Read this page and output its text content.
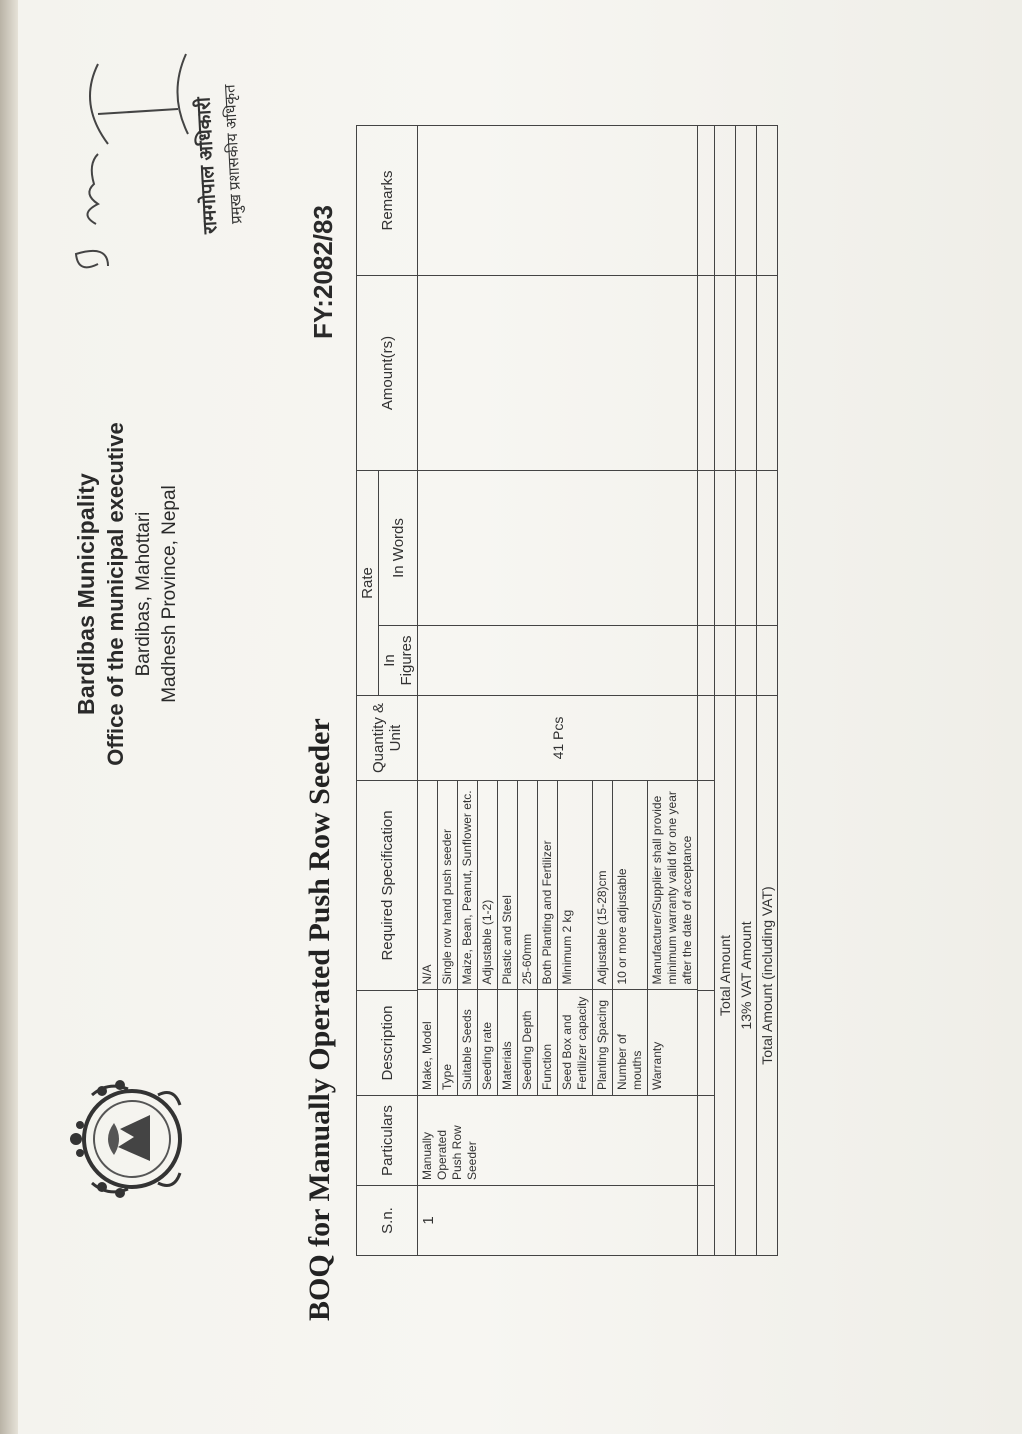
Bardibas Municipality Office of the municipal executive Bardibas, Mahottari Madhesh Province, Nepal
रामगोपाल अधिकारी प्रमुख प्रशासकीय अधिकृत
BOQ for Manually Operated Push Row Seeder
FY:2082/83
S.n.	Particulars	Description	Required Specification	Quantity & Unit	Rate	Amount(rs)	Remarks
In Figures	In Words
1	Manually Operated Push Row Seeder	
Make, Model	N/A
Type	Single row hand push seeder
Suitable Seeds	Maize, Bean, Peanut, Sunflower etc.
Seeding rate	Adjustable (1-2)
Materials	Plastic and Steel
Seeding Depth	25-60mm
Function	Both Planting and Fertilizer
Seed Box and Fertilizer capacity	Minimum 2 kg
Planting Spacing	Adjustable (15-28)cm
Number of mouths	10 or more adjustable
Warranty	Manufacturer/Supplier shall provide minimum warranty valid for one year after the date of acceptance
	41 Pcs				

Total Amount				
13% VAT Amount				
Total Amount (including VAT)				
